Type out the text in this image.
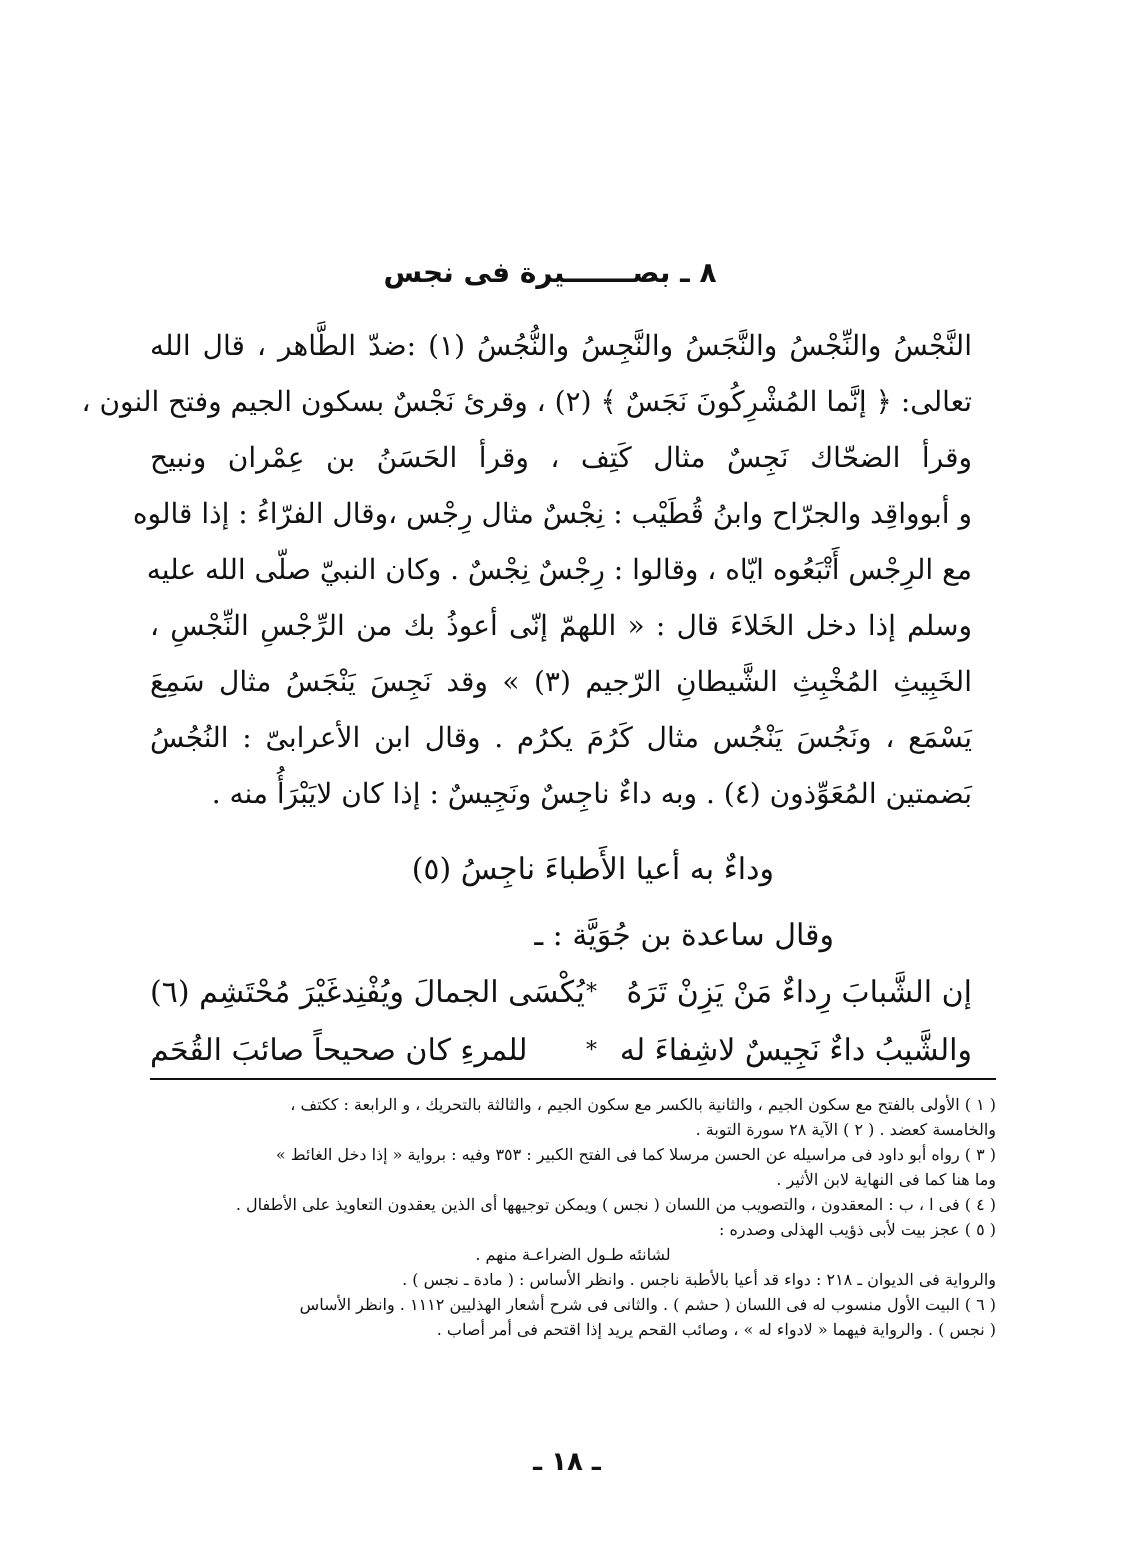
٨ ـ بصـــــــيرة فى نجس
النَّجْسُ والنِّجْسُ والنَّجَسُ والنَّجِسُ والنُّجُسُ (١) :ضدّ الطَّاهر ، قال الله
تعالى: ﴿ إنَّما المُشْرِكُونَ نَجَسٌ ﴾ (٢) ، وقرئ نَجْسٌ بسكون الجيم وفتح النون ،
وقرأ الضحّاك نَجِسٌ مثال كَتِف ، وقرأ الحَسَنُ بن عِمْران ونبيح
و أبوواقِد والجرّاح وابنُ قُطَيْب : نِجْسٌ مثال رِجْس ،وقال الفرّاءُ : إذا قالوه
مع الرِجْس أَتْبَعُوه ايّاه ، وقالوا : رِجْسٌ نِجْسٌ . وكان النبيّ صلّى الله عليه
وسلم إذا دخل الخَلاءَ قال : « اللهمّ إنّى أعوذُ بك من الرِّجْسِ النِّجْسِ ،
الخَبِيثِ المُخْبِثِ الشَّيطانِ الرّجيم (٣) » وقد نَجِسَ يَنْجَسُ مثال سَمِعَ
يَسْمَع ، ونَجُسَ يَنْجُس مثال كَرُمَ يكرُم . وقال ابن الأعرابىّ : النُجُسُ
بَضمتين المُعَوِّذون (٤) . وبه داءٌ ناجِسٌ ونَجِيسٌ : إذا كان لايَبْرَأُ منه .
وداءٌ به أعيا الأَطباءَ ناجِسُ (٥)
وقال ساعدة بن جُوَيَّة : ـ
إن الشَّبابَ رِداءٌ مَنْ يَزِنْ تَرَهُ
*
يُكْسَى الجمالَ ويُفْنِدغَيْرَ مُحْتَشِم (٦)
والشَّيبُ داءٌ نَجِيسٌ لاشِفاءَ له
*
للمرءِ كان صحيحاً صائبَ القُحَم
( ١ ) الأولى بالفتح مع سكون الجيم ، والثانية بالكسر مع سكون الجيم ، والثالثة بالتحريك ، و الرابعة : ككتف ،
والخامسة كعضد . ( ٢ ) الآية ٢٨ سورة التوبة .
( ٣ ) رواه أبو داود فى مراسيله عن الحسن مرسلا كما فى الفتح الكبير : ٣٥٣ وفيه : برواية « إذا دخل الغائط »
وما هنا كما فى النهاية لابن الأثير .
( ٤ ) فى ا ، ب : المعقدون ، والتصويب من اللسان ( نجس ) ويمكن توجيهها أى الذين يعقدون التعاويذ على الأطفال .
( ٥ ) عجز بيت لأبى ذؤيب الهذلى وصدره :
لشانئه طـول الضراعـة منهم .
والرواية فى الديوان ـ ٢١٨ : دواء قد أعيا بالأطبة ناجس . وانظر الأساس : ( مادة ـ نجس ) .
( ٦ ) البيت الأول منسوب له فى اللسان ( حشم ) . والثانى فى شرح أشعار الهذليين ١١١٢ . وانظر الأساس
( نجس ) . والرواية فيهما « لادواء له » ، وصائب القحم يريد إذا اقتحم فى أمر أصاب .
ـ ١٨ ـ
